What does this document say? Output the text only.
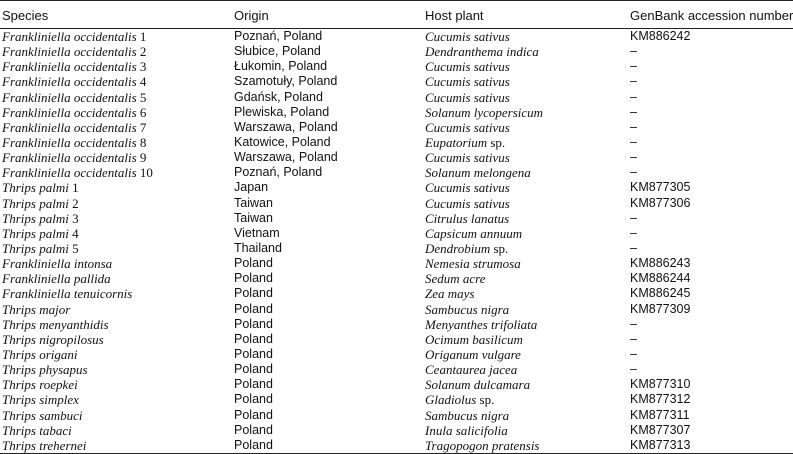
Species	Origin	Host plant	GenBank accession number
Frankliniella occidentalis 1	Poznań, Poland	Cucumis sativus	KM886242
Frankliniella occidentalis 2	Słubice, Poland	Dendranthema indica	–
Frankliniella occidentalis 3	Łukomin, Poland	Cucumis sativus	–
Frankliniella occidentalis 4	Szamotuły, Poland	Cucumis sativus	–
Frankliniella occidentalis 5	Gdańsk, Poland	Cucumis sativus	–
Frankliniella occidentalis 6	Plewiska, Poland	Solanum lycopersicum	–
Frankliniella occidentalis 7	Warszawa, Poland	Cucumis sativus	–
Frankliniella occidentalis 8	Katowice, Poland	Eupatorium sp.	–
Frankliniella occidentalis 9	Warszawa, Poland	Cucumis sativus	–
Frankliniella occidentalis 10	Poznań, Poland	Solanum melongena	–
Thrips palmi 1	Japan	Cucumis sativus	KM877305
Thrips palmi 2	Taiwan	Cucumis sativus	KM877306
Thrips palmi 3	Taiwan	Citrulus lanatus	–
Thrips palmi 4	Vietnam	Capsicum annuum	–
Thrips palmi 5	Thailand	Dendrobium sp.	–
Frankliniella intonsa	Poland	Nemesia strumosa	KM886243
Frankliniella pallida	Poland	Sedum acre	KM886244
Frankliniella tenuicornis	Poland	Zea mays	KM886245
Thrips major	Poland	Sambucus nigra	KM877309
Thrips menyanthidis	Poland	Menyanthes trifoliata	–
Thrips nigropilosus	Poland	Ocimum basilicum	–
Thrips origani	Poland	Origanum vulgare	–
Thrips physapus	Poland	Ceantaurea jacea	–
Thrips roepkei	Poland	Solanum dulcamara	KM877310
Thrips simplex	Poland	Gladiolus sp.	KM877312
Thrips sambuci	Poland	Sambucus nigra	KM877311
Thrips tabaci	Poland	Inula salicifolia	KM877307
Thrips trehernei	Poland	Tragopogon pratensis	KM877313
